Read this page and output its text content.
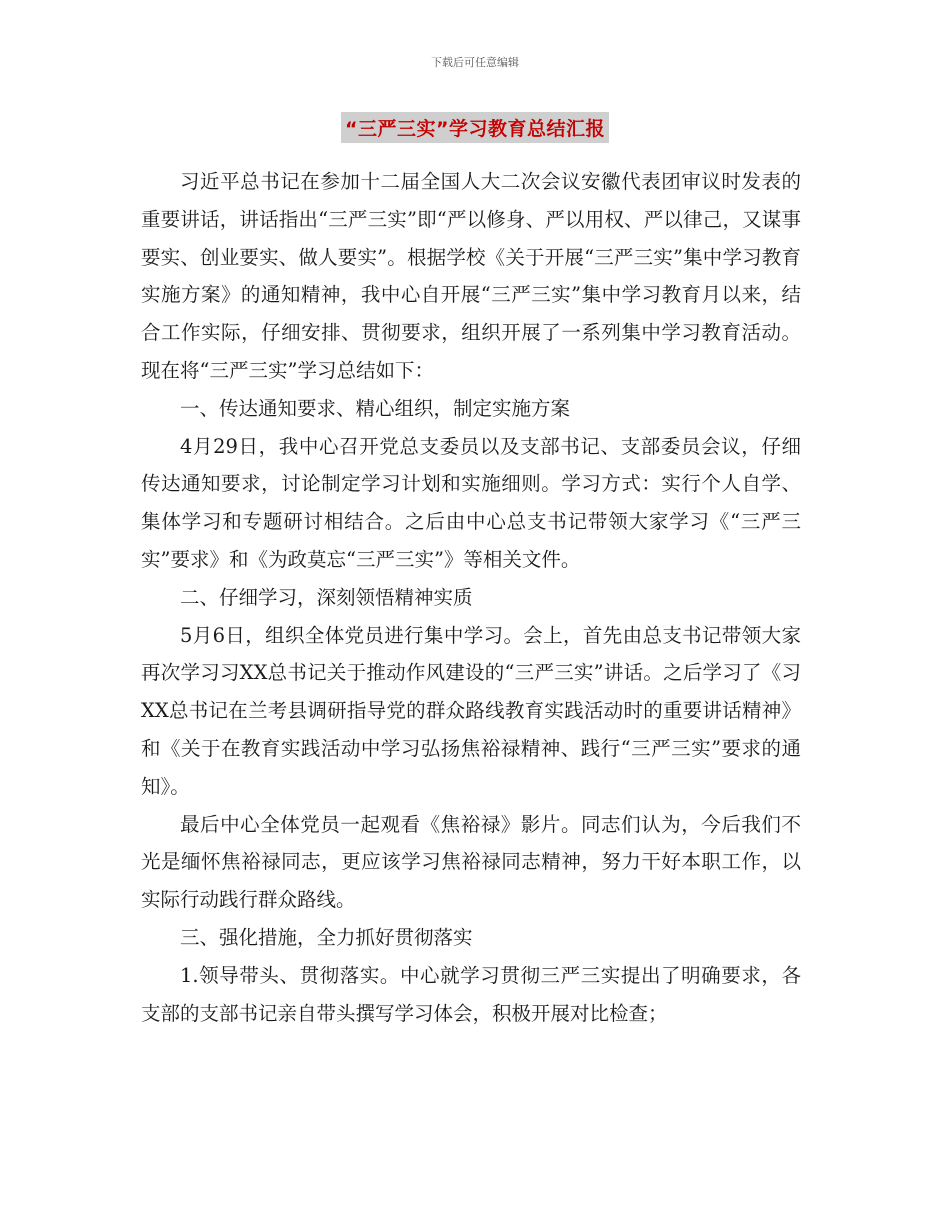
下载后可任意编辑
“三严三实”学习教育总结汇报

习近平总书记在参加十二届全国人大二次会议安徽代表团审议时发表的重要讲话，讲话指出“三严三实”即“严以修身、严以用权、严以律己，又谋事要实、创业要实、做人要实”。根据学校《关于开展“三严三实”集中学习教育实施方案》的通知精神，我中心自开展“三严三实”集中学习教育月以来，结合工作实际，仔细安排、贯彻要求，组织开展了一系列集中学习教育活动。现在将“三严三实”学习总结如下：

一、传达通知要求、精心组织，制定实施方案

4月29日，我中心召开党总支委员以及支部书记、支部委员会议，仔细传达通知要求，讨论制定学习计划和实施细则。学习方式：实行个人自学、集体学习和专题研讨相结合。之后由中心总支书记带领大家学习《“三严三实”要求》和《为政莫忘“三严三实”》等相关文件。

二、仔细学习，深刻领悟精神实质

5月6日，组织全体党员进行集中学习。会上，首先由总支书记带领大家再次学习习XX总书记关于推动作风建设的“三严三实”讲话。之后学习了《习XX总书记在兰考县调研指导党的群众路线教育实践活动时的重要讲话精神》和《关于在教育实践活动中学习弘扬焦裕禄精神、践行“三严三实”要求的通知》。

最后中心全体党员一起观看《焦裕禄》影片。同志们认为，今后我们不光是缅怀焦裕禄同志，更应该学习焦裕禄同志精神，努力干好本职工作，以实际行动践行群众路线。

三、强化措施，全力抓好贯彻落实

1.领导带头、贯彻落实。中心就学习贯彻三严三实提出了明确要求，各支部的支部书记亲自带头撰写学习体会，积极开展对比检查；
